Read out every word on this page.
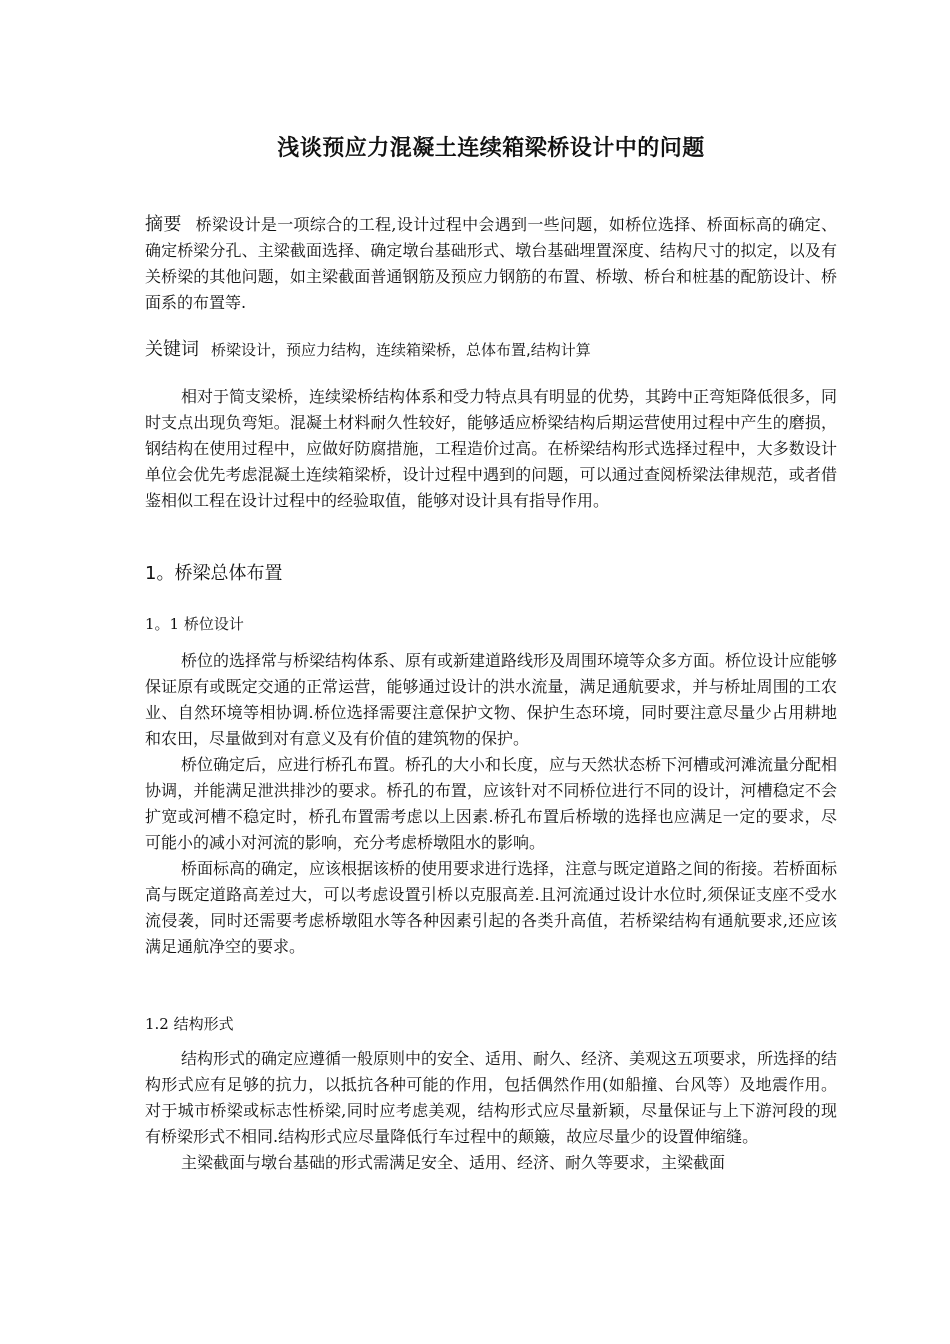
浅谈预应力混凝土连续箱梁桥设计中的问题
摘要 桥梁设计是一项综合的工程,设计过程中会遇到一些问题，如桥位选择、桥面标高的确定、确定桥梁分孔、主梁截面选择、确定墩台基础形式、墩台基础埋置深度、结构尺寸的拟定，以及有关桥梁的其他问题，如主梁截面普通钢筋及预应力钢筋的布置、桥墩、桥台和桩基的配筋设计、桥面系的布置等.
关键词 桥梁设计，预应力结构，连续箱梁桥，总体布置,结构计算

相对于简支梁桥，连续梁桥结构体系和受力特点具有明显的优势，其跨中正弯矩降低很多，同时支点出现负弯矩。混凝土材料耐久性较好，能够适应桥梁结构后期运营使用过程中产生的磨损，钢结构在使用过程中，应做好防腐措施，工程造价过高。在桥梁结构形式选择过程中，大多数设计单位会优先考虑混凝土连续箱梁桥，设计过程中遇到的问题，可以通过查阅桥梁法律规范，或者借鉴相似工程在设计过程中的经验取值，能够对设计具有指导作用。

1。桥梁总体布置
1。1 桥位设计

桥位的选择常与桥梁结构体系、原有或新建道路线形及周围环境等众多方面。桥位设计应能够保证原有或既定交通的正常运营，能够通过设计的洪水流量，满足通航要求，并与桥址周围的工农业、自然环境等相协调.桥位选择需要注意保护文物、保护生态环境，同时要注意尽量少占用耕地和农田，尽量做到对有意义及有价值的建筑物的保护。

桥位确定后，应进行桥孔布置。桥孔的大小和长度，应与天然状态桥下河槽或河滩流量分配相协调，并能满足泄洪排沙的要求。桥孔的布置，应该针对不同桥位进行不同的设计，河槽稳定不会扩宽或河槽不稳定时，桥孔布置需考虑以上因素.桥孔布置后桥墩的选择也应满足一定的要求，尽可能小的减小对河流的影响，充分考虑桥墩阻水的影响。

桥面标高的确定，应该根据该桥的使用要求进行选择，注意与既定道路之间的衔接。若桥面标高与既定道路高差过大，可以考虑设置引桥以克服高差.且河流通过设计水位时,须保证支座不受水流侵袭，同时还需要考虑桥墩阻水等各种因素引起的各类升高值，若桥梁结构有通航要求,还应该满足通航净空的要求。

1.2 结构形式

结构形式的确定应遵循一般原则中的安全、适用、耐久、经济、美观这五项要求，所选择的结构形式应有足够的抗力，以抵抗各种可能的作用，包括偶然作用(如船撞、台风等）及地震作用。对于城市桥梁或标志性桥梁,同时应考虑美观，结构形式应尽量新颖，尽量保证与上下游河段的现有桥梁形式不相同.结构形式应尽量降低行车过程中的颠簸，故应尽量少的设置伸缩缝。

主梁截面与墩台基础的形式需满足安全、适用、经济、耐久等要求，主梁截面
